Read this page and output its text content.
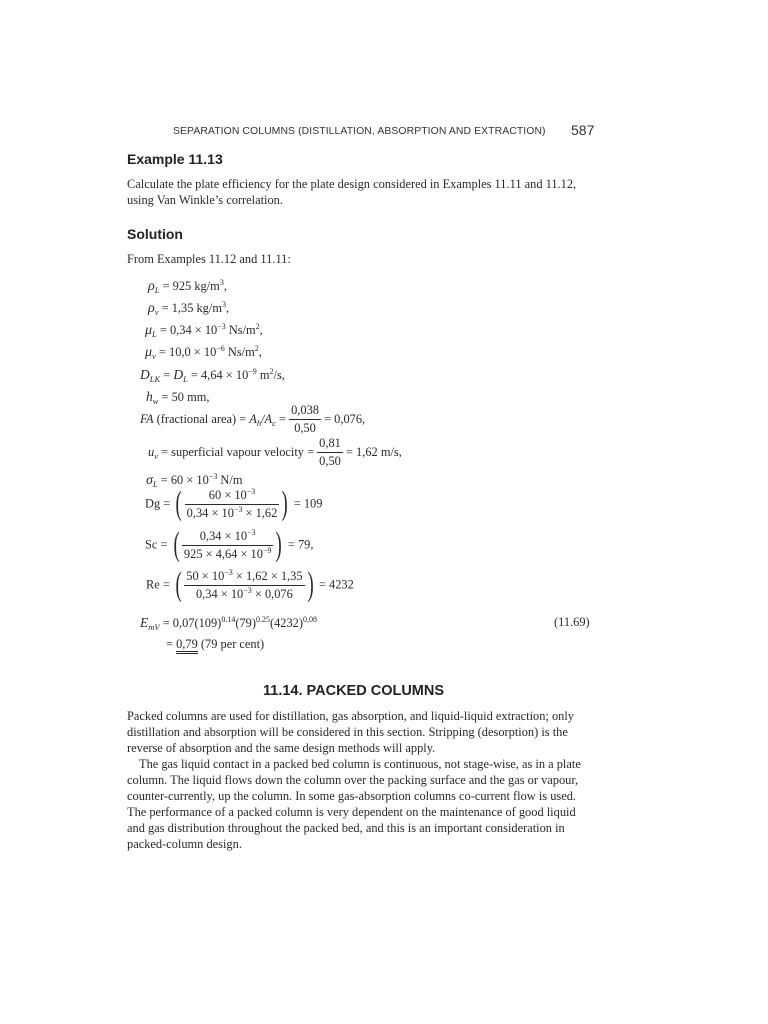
SEPARATION COLUMNS (DISTILLATION, ABSORPTION AND EXTRACTION) 587
Example 11.13
Calculate the plate efficiency for the plate design considered in Examples 11.11 and 11.12, using Van Winkle’s correlation.
Solution
From Examples 11.12 and 11.11:
$\rho_L = 925$ $kg/m^3$,
$\rho_v = 1,35$ $kg/m^3$,
$\mu_L = 0,34 \times 10^{-3}$ $Ns/m^2$,
$\mu_v = 10,0 \times 10^{-6}$ $Ns/m^2$,
$D_{LK} = D_L = 4,64 \times 10^{-9}$ $m^2/s$,
$h_w = 50$ mm,
FA (fractional area) = $A_h/A_c = \frac{0,038}{0,50} = 0,076$,
$u_v$ = superficial vapour velocity = $\frac{0,81}{0,50} = 1,62$ m/s,
$\sigma_L = 60 \times 10^{-3}$ N/m
Dg = ( $\frac{60 \times 10^{-3}}{0,34 \times 10^{-3} \times 1,62}$ ) = 109
Sc = ( $\frac{0,34 \times 10^{-3}}{925 \times 4,64 \times 10^{-9}}$ ) = 79,
Re = ( $\frac{50 \times 10^{-3} \times 1,62 \times 1,35}{0,34 \times 10^{-3} \times 0,076}$ ) = 4232
$E_{mV} = 0,07(109)^{0.14}(79)^{0.25}(4232)^{0,08}$	(11.69)
= 0,79 (79 per cent)
11.14. PACKED COLUMNS
Packed columns are used for distillation, gas absorption, and liquid-liquid extraction; only distillation and absorption will be considered in this section. Stripping (desorption) is the reverse of absorption and the same design methods will apply.
The gas liquid contact in a packed bed column is continuous, not stage-wise, as in a plate column. The liquid flows down the column over the packing surface and the gas or vapour, counter-currently, up the column. In some gas-absorption columns co-current flow is used. The performance of a packed column is very dependent on the maintenance of good liquid and gas distribution throughout the packed bed, and this is an important consideration in packed-column design.
